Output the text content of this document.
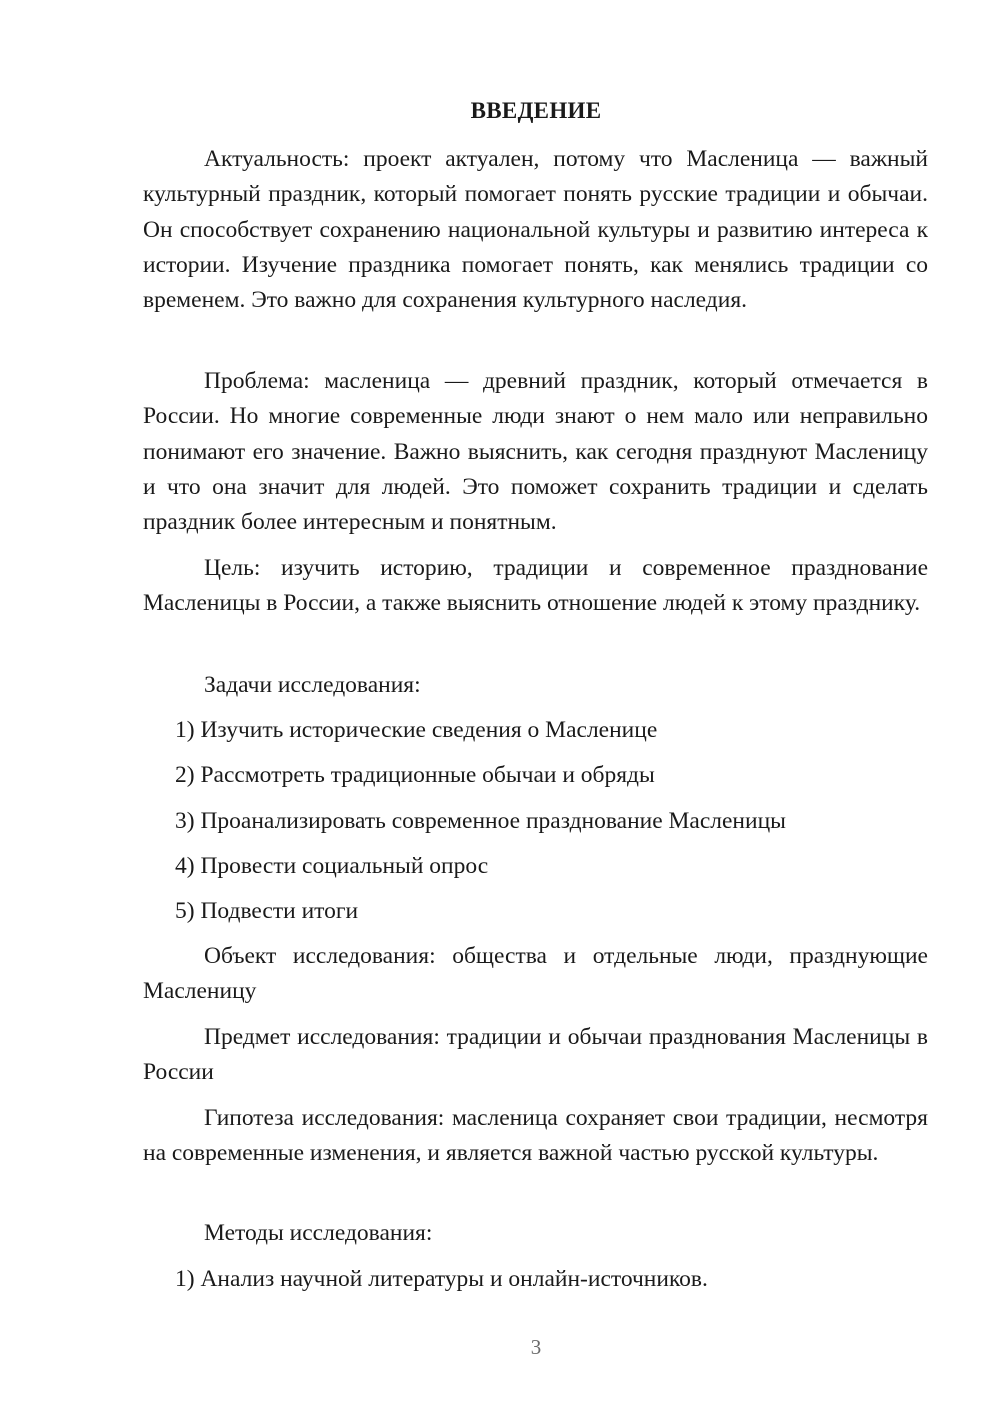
ВВЕДЕНИЕ
Актуальность: проект актуален, потому что Масленица — важный культурный праздник, который помогает понять русские традиции и обычаи. Он способствует сохранению национальной культуры и развитию интереса к истории. Изучение праздника помогает понять, как менялись традиции со временем. Это важно для сохранения культурного наследия.
Проблема: масленица — древний праздник, который отмечается в России. Но многие современные люди знают о нем мало или неправильно понимают его значение. Важно выяснить, как сегодня празднуют Масленицу и что она значит для людей. Это поможет сохранить традиции и сделать праздник более интересным и понятным.
Цель: изучить историю, традиции и современное празднование Масленицы в России, а также выяснить отношение людей к этому празднику.
Задачи исследования:
1) Изучить исторические сведения о Масленице
2) Рассмотреть традиционные обычаи и обряды
3) Проанализировать современное празднование Масленицы
4) Провести социальный опрос
5) Подвести итоги
Объект исследования: общества и отдельные люди, празднующие Масленицу
Предмет исследования: традиции и обычаи празднования Масленицы в России
Гипотеза исследования: масленица сохраняет свои традиции, несмотря на современные изменения, и является важной частью русской культуры.
Методы исследования:
1) Анализ научной литературы и онлайн-источников.
3
